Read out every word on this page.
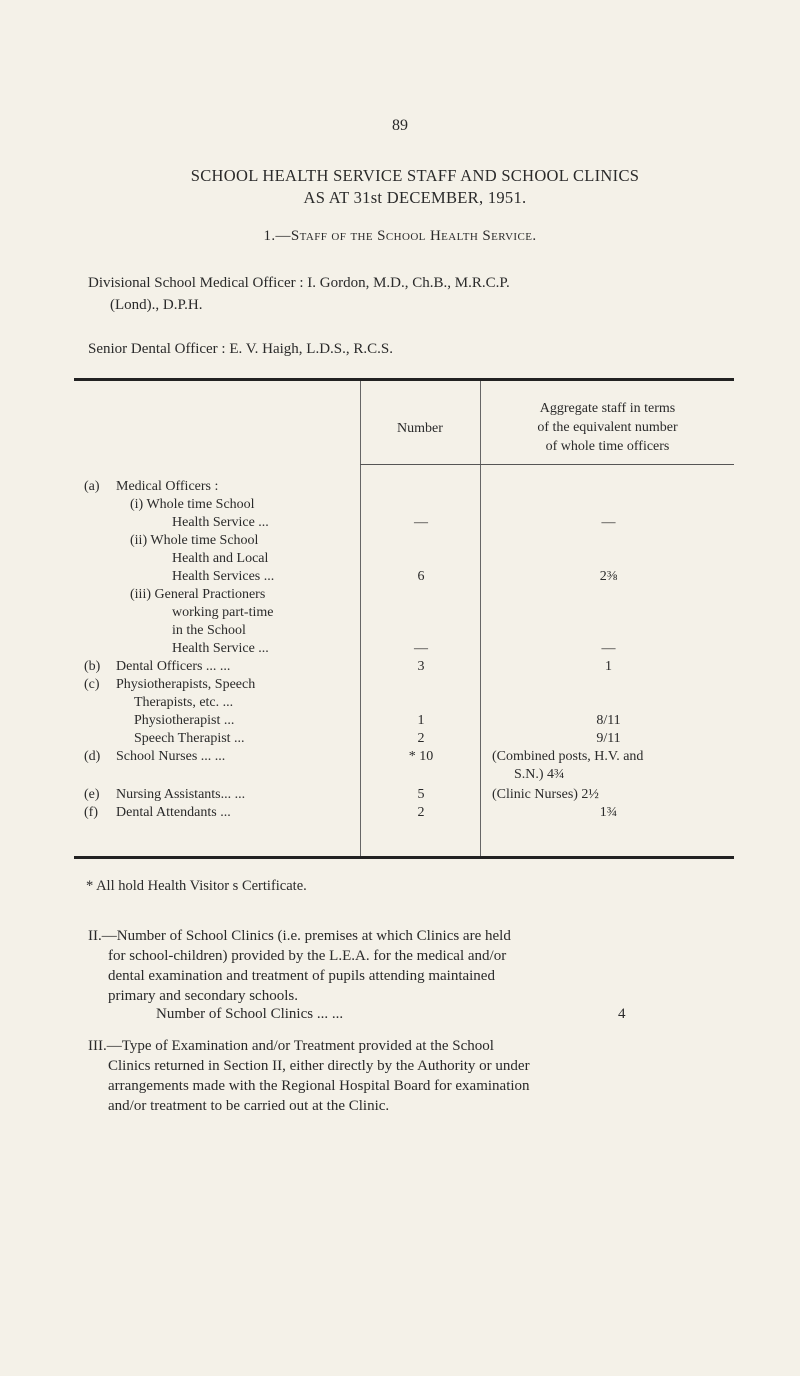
89
SCHOOL HEALTH SERVICE STAFF AND SCHOOL CLINICS
AS AT 31st DECEMBER, 1951.
1.—Staff of the School Health Service.
Divisional School Medical Officer : I. Gordon, M.D., Ch.B., M.R.C.P.
(Lond)., D.P.H.
Senior Dental Officer : E. V. Haigh, L.D.S., R.C.S.
Number
Aggregate staff in terms
of the equivalent number
of whole time officers
(a) Medical Officers :
(i) Whole time School
Health Service ...	—	—
(ii) Whole time School
Health and Local
Health Services ...	6	2⅜
(iii) General Practioners
working part-time
in the School
Health Service ...	—	—
(b) Dental Officers ... ...	3	1
(c) Physiotherapists, Speech
Therapists, etc. ...
Physiotherapist ...	1	8/11
Speech Therapist ...	2	9/11
(d) School Nurses ... ...	* 10	(Combined posts, H.V. and
S.N.) 4¾
(e) Nursing Assistants... ...	5	(Clinic Nurses) 2½
(f) Dental Attendants ...	2	1¾
* All hold Health Visitor s Certificate.
II.—Number of School Clinics (i.e. premises at which Clinics are held
for school-children) provided by the L.E.A. for the medical and/or
dental examination and treatment of pupils attending maintained
primary and secondary schools.
Number of School Clinics ... ...	4
III.—Type of Examination and/or Treatment provided at the School
Clinics returned in Section II, either directly by the Authority or under
arrangements made with the Regional Hospital Board for examination
and/or treatment to be carried out at the Clinic.
